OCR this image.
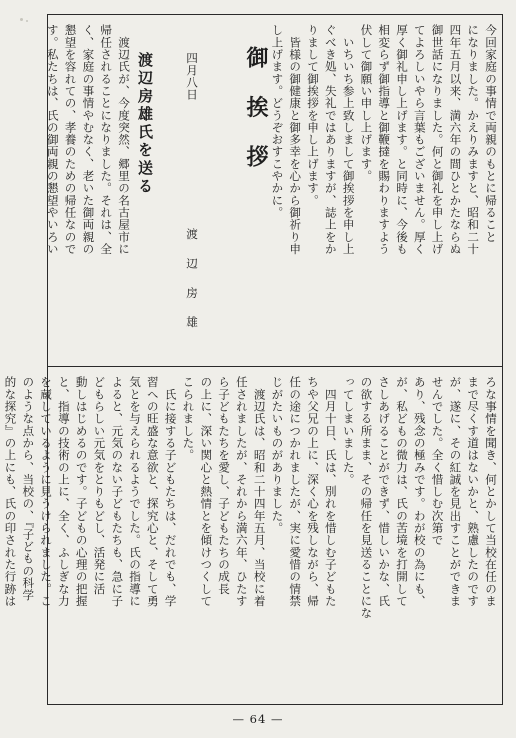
御 挨 拶	今回家庭の事情で両親のもとに帰ること
になりました。かえりみますと、昭和二十
四年五月以来、満六年の間ひとかたならぬ
御世話になりました。何と御礼を申し上げ
てよろしいやら言葉もございません。厚く
厚く御礼申し上げます。と同時に、今後も
相変らず御指導と御鞭撻を賜わりますよう
伏して御願い申し上げます。
　いちいち参上致しまして御挨拶を申し上
ぐべき処、失礼ではありますが、誌上をか
りまして御挨拶を申し上げます。
　皆様の御健康と御多幸を心から御祈り申
し上げます。どうぞおすこやかに。
四月八日
渡 辺 房 雄
渡辺房雄氏を送る
　渡辺氏が、今度突然、郷里の名古屋市に
帰任されることになりました。それは、全
く、家庭の事情やむなく、老いた御両親の
懇望を容れての、孝養のための帰任なので
す。私たちは、氏の御両親の懇望やいろい
ろな事情を聞き、何とかして当校在任のま
まで尽くす道はないかと、熟慮したのです
が、遂に、その紅誠を見出すことができま
せんでした。全く惜しむ次第で
あり、残念の極みです。わが校の為にも、
が、私どもの微力は、氏の苦境を打開して
さしあげることができず、惜しいかな、氏
の欲する所まま、その帰任を見送ることにな
ってしまいました。
　四月十日、氏は、別れを惜しむ子どもた
ちや父兄の上に、深く心を残しながら、帰
任の途につかれましたが、実に愛惜の情禁
じがたいものがありました。
　渡辺氏は、昭和二十四年五月、当校に着
任されましたが、それから満六年、ひたす
ら子どもたちを愛し、子どもたちの成長
の上に、深い関心と熱情とを傾けつくして
こられました。
　氏に接する子どもたちは、だれでも、学
習への旺盛な意欲と、探究心と、そして勇
気とを与えられるようでした。氏の指導に
よると、元気のない子どもたちも、急に子
どもらしい元気をとりもどし、活発に活
動しはじめるのです。子どもの心理の把握
と、指導の技術の上に、全く、ふしぎな力
を蔵しているように見うけられました。こ
のような点から、当校の、『子どもの科学
的な探究』の上にも、氏の印された行跡は

— 64 —
